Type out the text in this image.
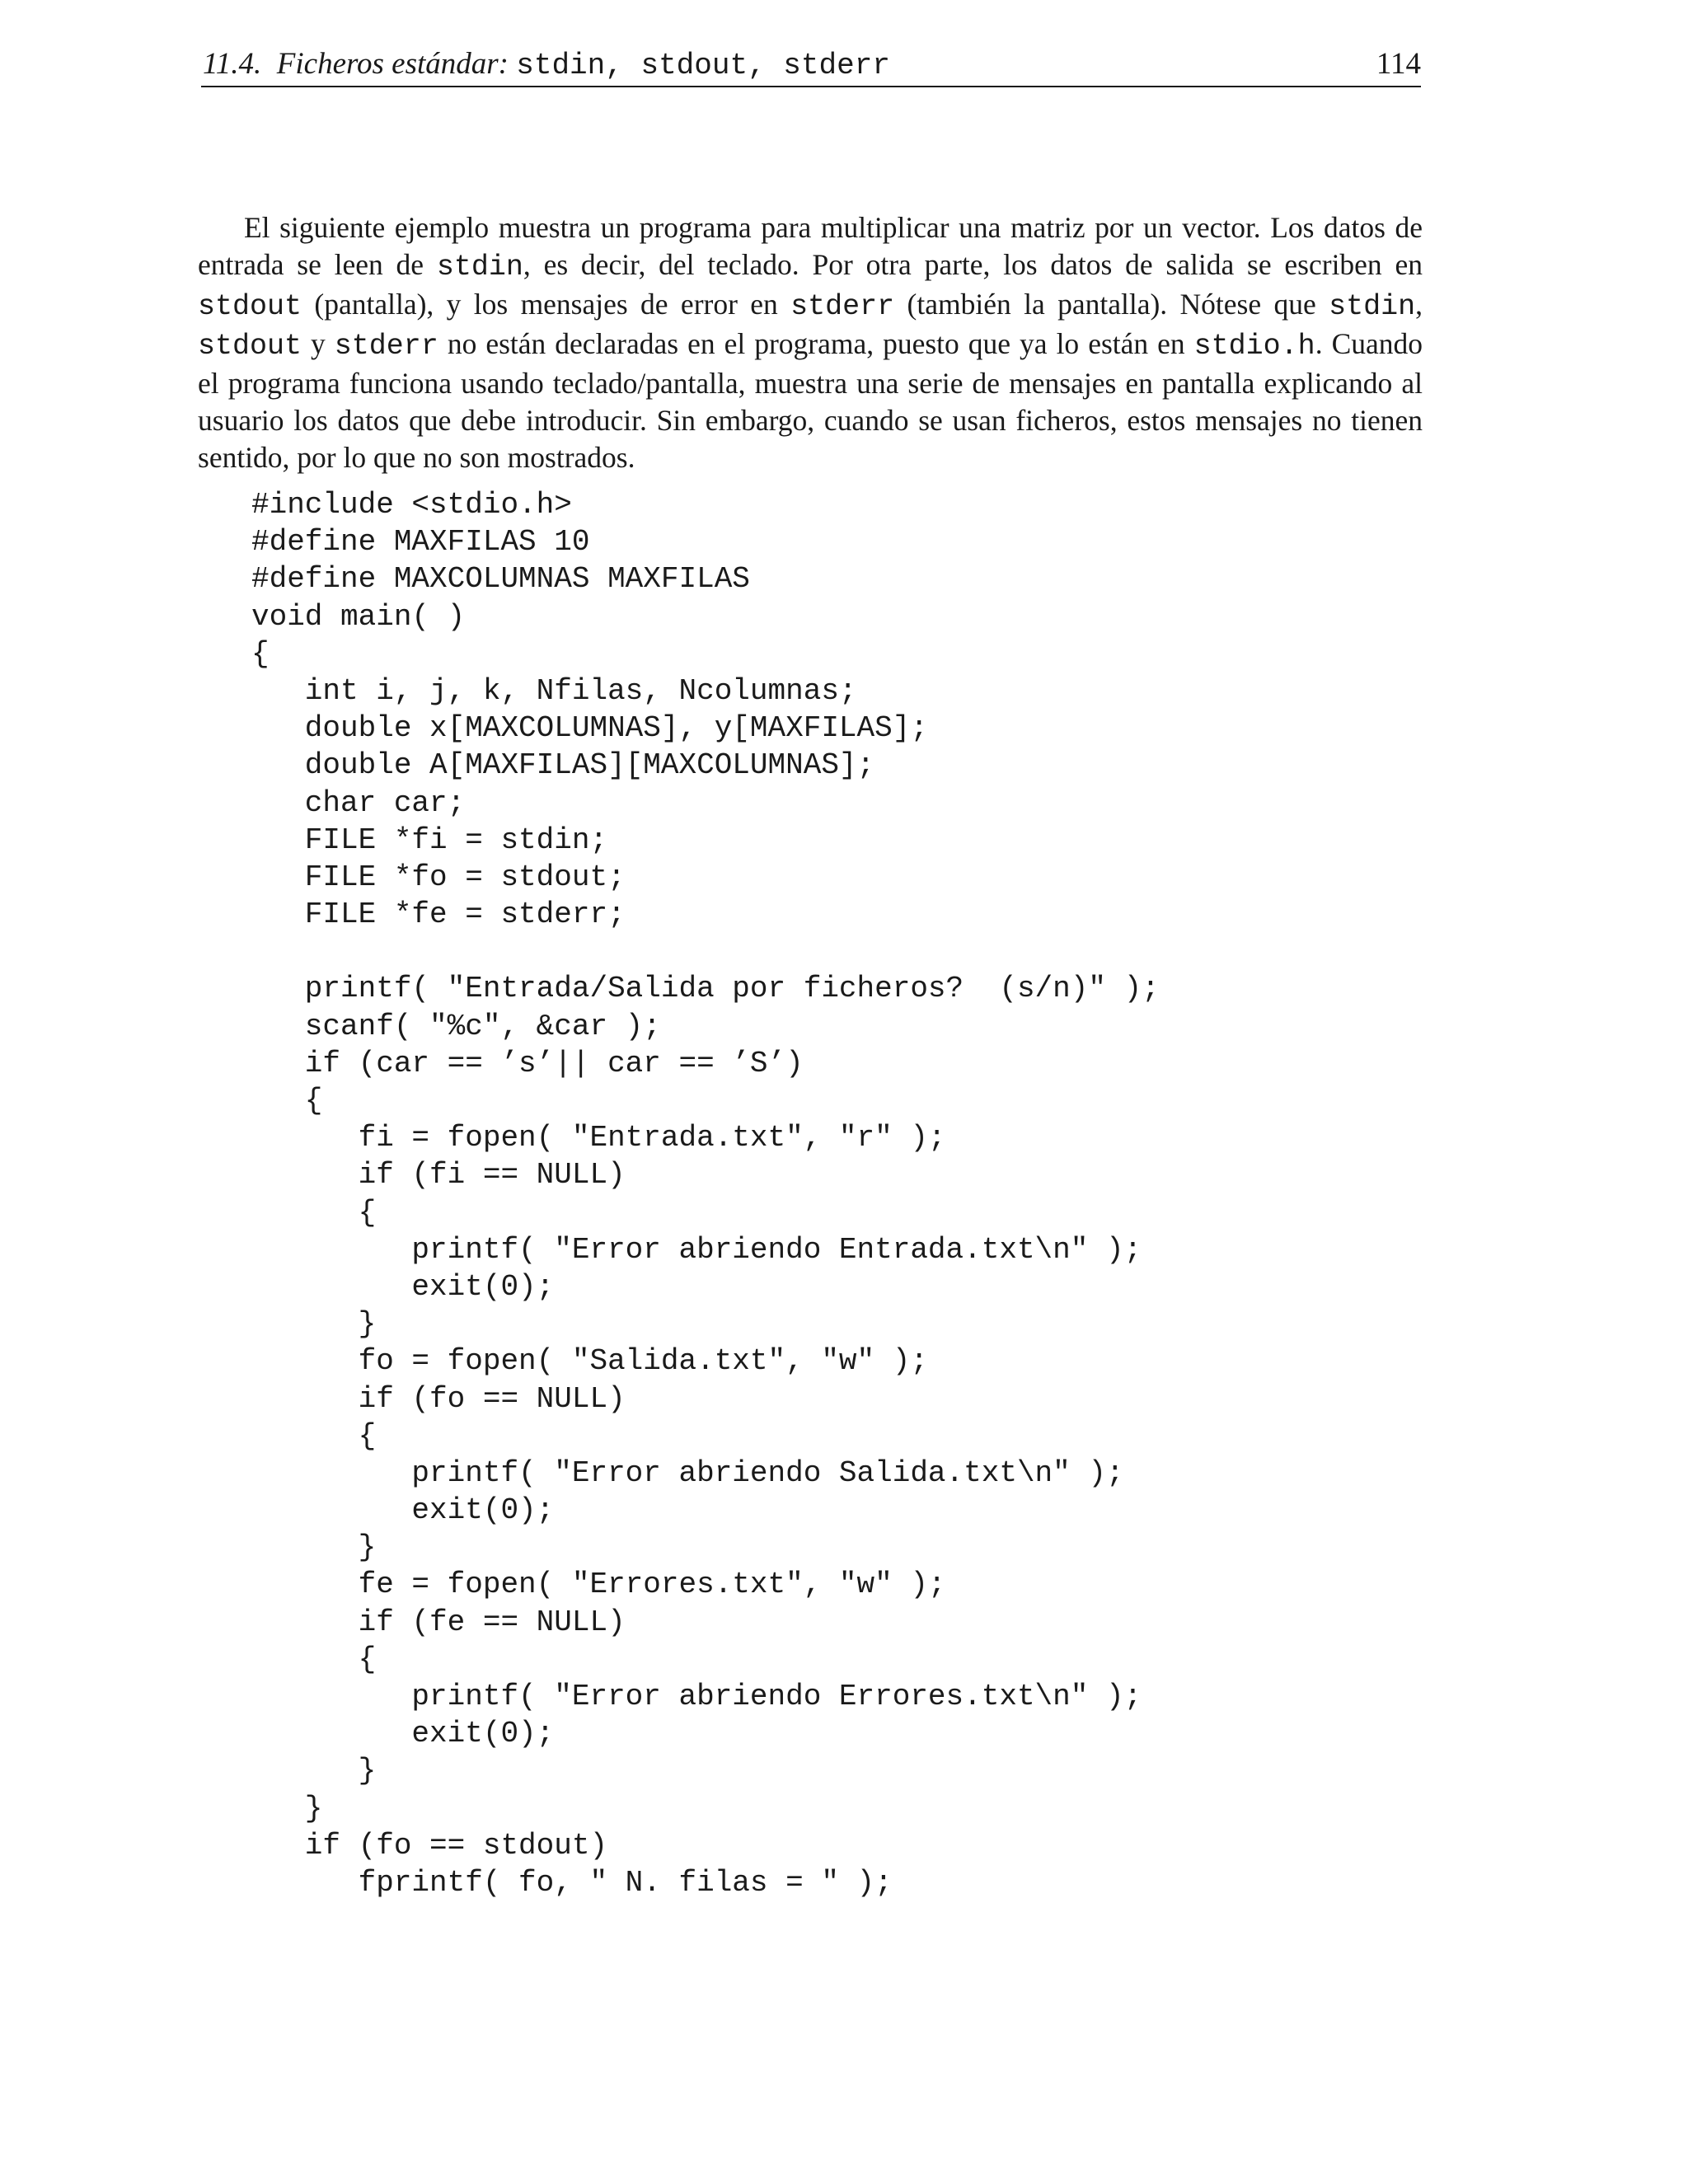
11.4. Ficheros estándar: stdin, stdout, stderr	114

El siguiente ejemplo muestra un programa para multiplicar una matriz por un vector. Los datos de entrada se leen de stdin, es decir, del teclado. Por otra parte, los datos de salida se escriben en stdout (pantalla), y los mensajes de error en stderr (también la pantalla). Nótese que stdin, stdout y stderr no están declaradas en el programa, puesto que ya lo están en stdio.h. Cuando el programa funciona usando teclado/pantalla, muestra una serie de mensajes en pantalla explicando al usuario los datos que debe introducir. Sin embargo, cuando se usan ficheros, estos mensajes no tienen sentido, por lo que no son mostrados.

#include <stdio.h>
#define MAXFILAS 10
#define MAXCOLUMNAS MAXFILAS
void main( )
{
int i, j, k, Nfilas, Ncolumnas;
double x[MAXCOLUMNAS], y[MAXFILAS];
double A[MAXFILAS][MAXCOLUMNAS];
char car;
FILE *fi = stdin;
FILE *fo = stdout;
FILE *fe = stderr;
printf( "Entrada/Salida por ficheros?  (s/n)" );
scanf( "%c", &car );
if (car == ’s’|| car == ’S’)
{
fi = fopen( "Entrada.txt", "r" );
if (fi == NULL)
{
printf( "Error abriendo Entrada.txt\n" );
exit(0);
}
fo = fopen( "Salida.txt", "w" );
if (fo == NULL)
{
printf( "Error abriendo Salida.txt\n" );
exit(0);
}
fe = fopen( "Errores.txt", "w" );
if (fe == NULL)
{
printf( "Error abriendo Errores.txt\n" );
exit(0);
}
}
if (fo == stdout)
fprintf( fo, " N. filas = " );
